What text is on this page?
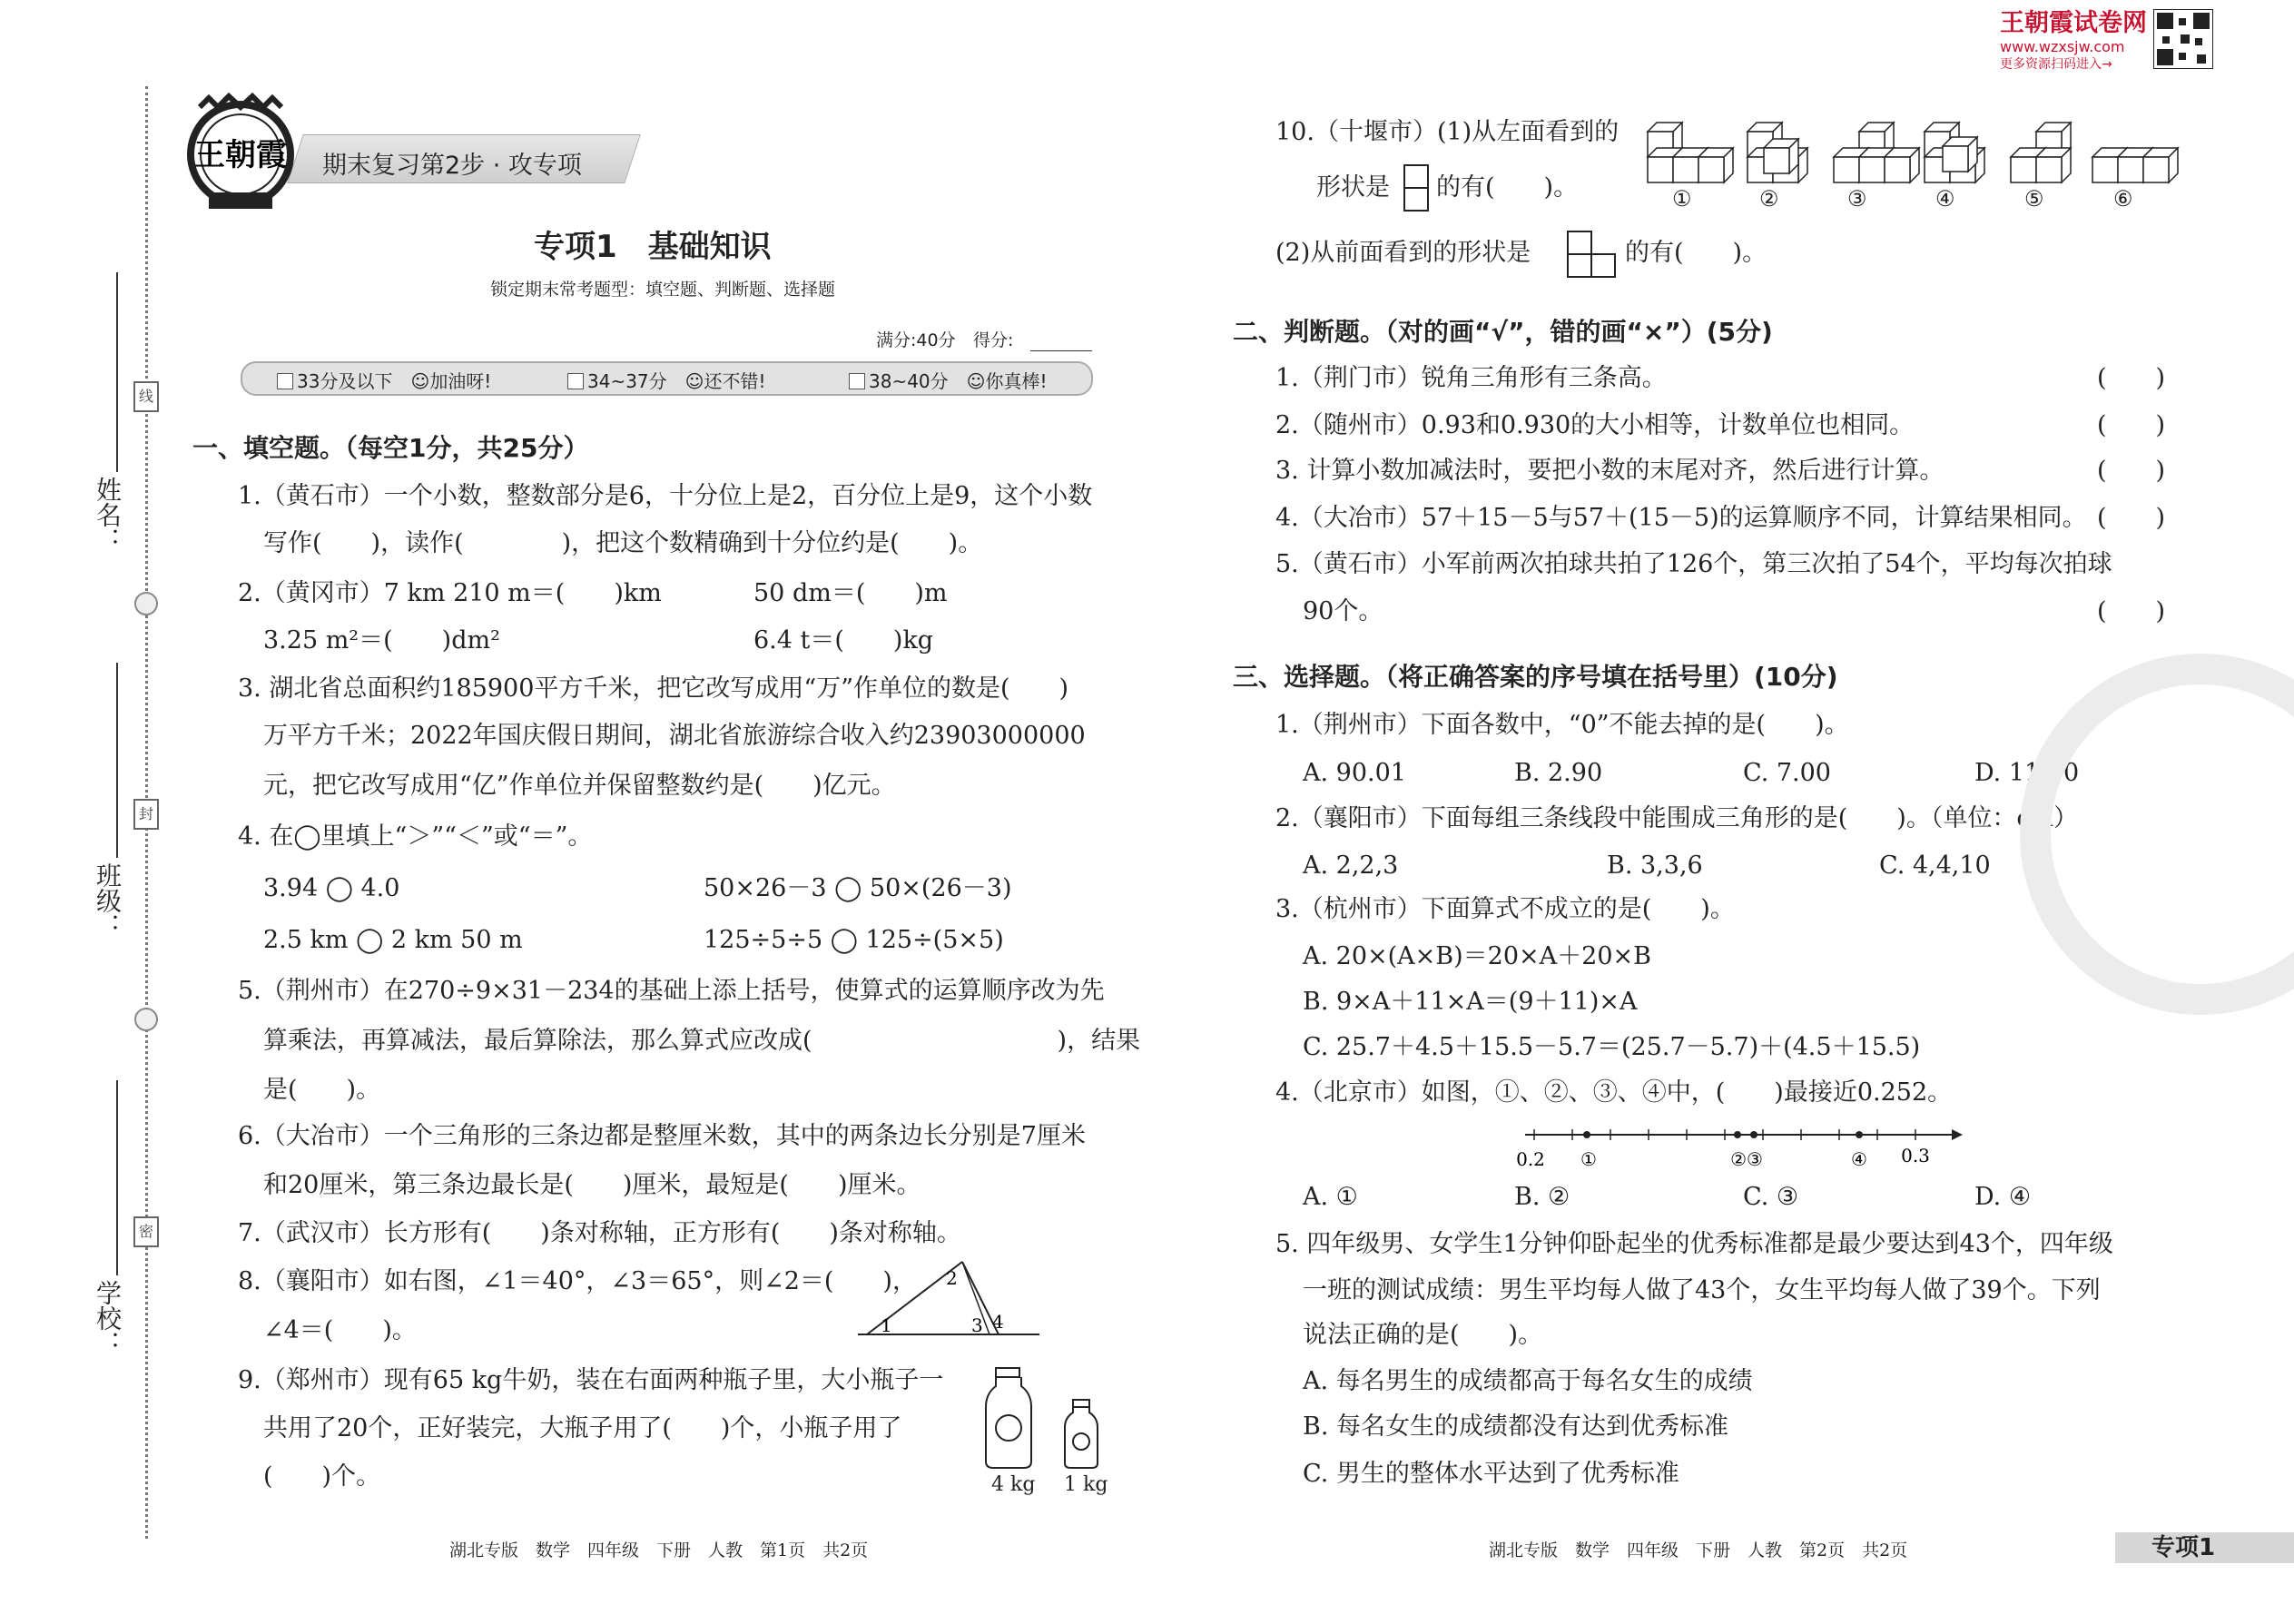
姓名：
班级：
学校：
线
封
密
期末复习第2步 · 攻专项
王朝霞
王朝霞试卷网
www.wzxsjw.com
更多资源扫码进入→
专项1　基础知识
锁定期末常考题型：填空题、判断题、选择题
满分:40分 得分:
33分及以下　☺加油呀!	34~37分　☺还不错!	38~40分　☺你真棒!
一、填空题。（每空1分，共25分）
1.（黄石市）一个小数，整数部分是6，十分位上是2，百分位上是9，这个小数
写作(　　)，读作(　　　　)，把这个数精确到十分位约是(　　)。
2.（黄冈市）7 km 210 m＝(　　)km	50 dm＝(　　)m
3.25 m²＝(　　)dm²	6.4 t＝(　　)kg
3. 湖北省总面积约185900平方千米，把它改写成用“万”作单位的数是(　　)
万平方千米；2022年国庆假日期间，湖北省旅游综合收入约23903000000
元，把它改写成用“亿”作单位并保留整数约是(　　)亿元。
4. 在◯里填上“＞”“＜”或“＝”。
3.94 ◯ 4.0	50×26－3 ◯ 50×(26－3)
2.5 km ◯ 2 km 50 m	125÷5÷5 ◯ 125÷(5×5)
5.（荆州市）在270÷9×31－234的基础上添上括号，使算式的运算顺序改为先
算乘法，再算减法，最后算除法，那么算式应改成(　　　　　　　　　　)，结果
是(　　)。
6.（大冶市）一个三角形的三条边都是整厘米数，其中的两条边长分别是7厘米
和20厘米，第三条边最长是(　　)厘米，最短是(　　)厘米。
7.（武汉市）长方形有(　　)条对称轴，正方形有(　　)条对称轴。
8.（襄阳市）如右图，∠1＝40°，∠3＝65°，则∠2＝(　　)，
∠4＝(　　)。
9.（郑州市）现有65 kg牛奶，装在右面两种瓶子里，大小瓶子一
共用了20个，正好装完，大瓶子用了(　　)个，小瓶子用了
(　　)个。
1
2
3 4
4 kg 1 kg
10.（十堰市）(1)从左面看到的
形状是 的有(　　)。
(2)从前面看到的形状是	的有(　　)。
①	②	③	④	⑤	⑥
二、判断题。（对的画“√”，错的画“×”）(5分)
1.（荆门市）锐角三角形有三条高。	(　　)
2.（随州市）0.93和0.930的大小相等，计数单位也相同。	(　　)
3. 计算小数加减法时，要把小数的末尾对齐，然后进行计算。	(　　)
4.（大冶市）57＋15－5与57＋(15－5)的运算顺序不同，计算结果相同。 (　　)
5.（黄石市）小军前两次拍球共拍了126个，第三次拍了54个，平均每次拍球
90个。	(　　)
三、选择题。（将正确答案的序号填在括号里）(10分)
1.（荆州市）下面各数中，“0”不能去掉的是(　　)。
A. 90.01	B. 2.90	C. 7.00	D. 11.50
2.（襄阳市）下面每组三条线段中能围成三角形的是(　　)。（单位：cm）
A. 2,2,3	B. 3,3,6	C. 4,4,10
3.（杭州市）下面算式不成立的是(　　)。
A. 20×(A×B)＝20×A＋20×B
B. 9×A＋11×A＝(9＋11)×A
C. 25.7＋4.5＋15.5－5.7＝(25.7－5.7)＋(4.5＋15.5)
4.（北京市）如图，①、②、③、④中，(　　)最接近0.252。
0.2 ①	②③	④ 0.3
A. ①	B. ②	C. ③	D. ④
5. 四年级男、女学生1分钟仰卧起坐的优秀标准都是最少要达到43个，四年级
一班的测试成绩：男生平均每人做了43个，女生平均每人做了39个。下列
说法正确的是(　　)。
A. 每名男生的成绩都高于每名女生的成绩
B. 每名女生的成绩都没有达到优秀标准
C. 男生的整体水平达到了优秀标准
湖北专版　数学　四年级　下册　人教　第1页　共2页	湖北专版　数学　四年级　下册　人教　第2页　共2页	专项1
